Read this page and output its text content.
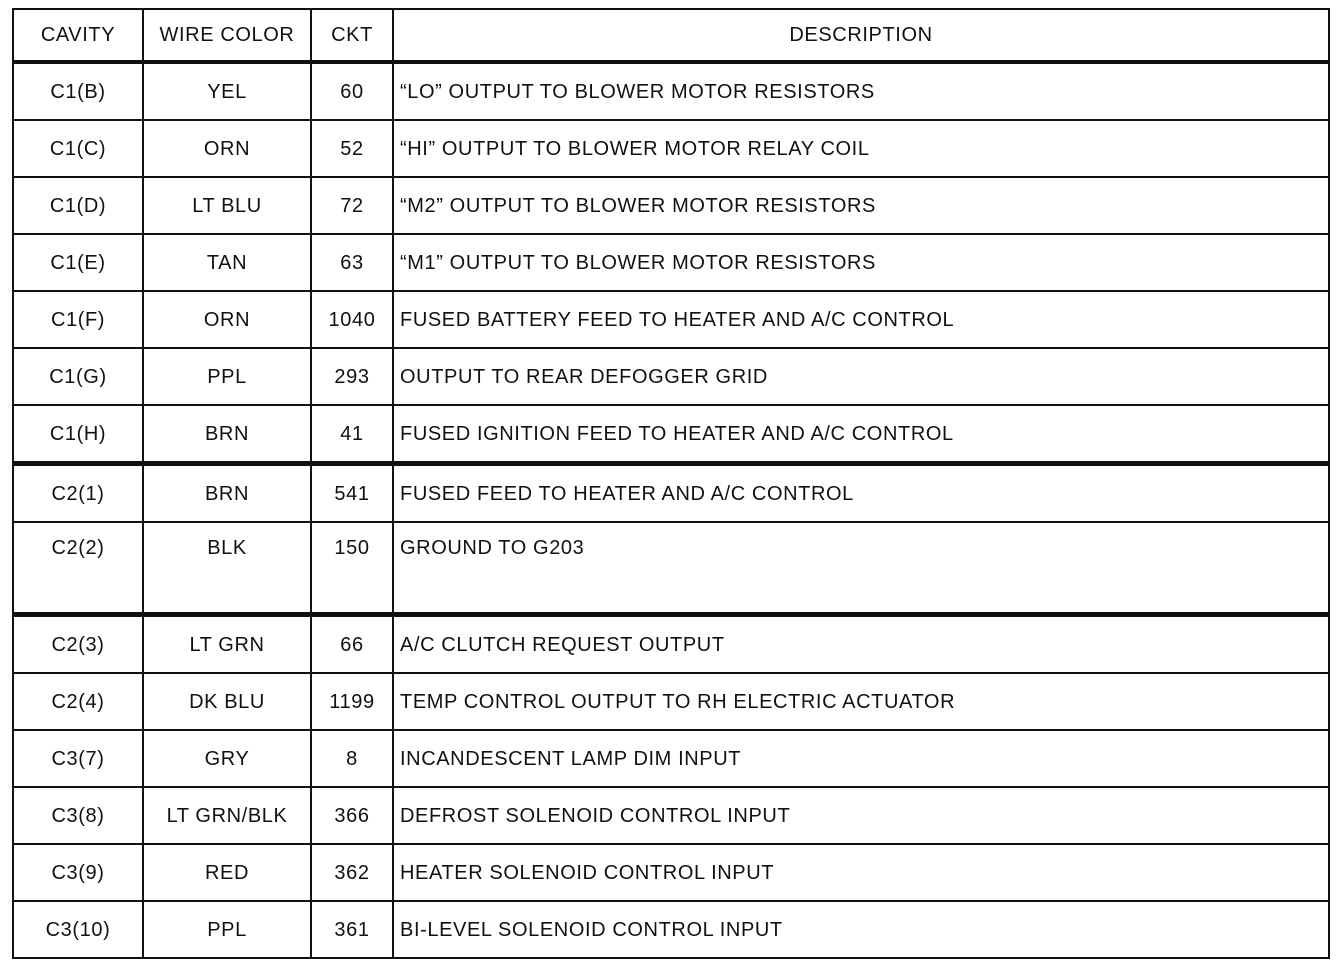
CAVITY	WIRE COLOR	CKT	DESCRIPTION
C1(B)	YEL	60	“LO” OUTPUT TO BLOWER MOTOR RESISTORS
C1(C)	ORN	52	“HI” OUTPUT TO BLOWER MOTOR RELAY COIL
C1(D)	LT BLU	72	“M2” OUTPUT TO BLOWER MOTOR RESISTORS
C1(E)	TAN	63	“M1” OUTPUT TO BLOWER MOTOR RESISTORS
C1(F)	ORN	1040	FUSED BATTERY FEED TO HEATER AND A/C CONTROL
C1(G)	PPL	293	OUTPUT TO REAR DEFOGGER GRID
C1(H)	BRN	41	FUSED IGNITION FEED TO HEATER AND A/C CONTROL
C2(1)	BRN	541	FUSED FEED TO HEATER AND A/C CONTROL
C2(2)	BLK	150	GROUND TO G203
C2(3)	LT GRN	66	A/C CLUTCH REQUEST OUTPUT
C2(4)	DK BLU	1199	TEMP CONTROL OUTPUT TO RH ELECTRIC ACTUATOR
C3(7)	GRY	8	INCANDESCENT LAMP DIM INPUT
C3(8)	LT GRN/BLK	366	DEFROST SOLENOID CONTROL INPUT
C3(9)	RED	362	HEATER SOLENOID CONTROL INPUT
C3(10)	PPL	361	BI-LEVEL SOLENOID CONTROL INPUT
